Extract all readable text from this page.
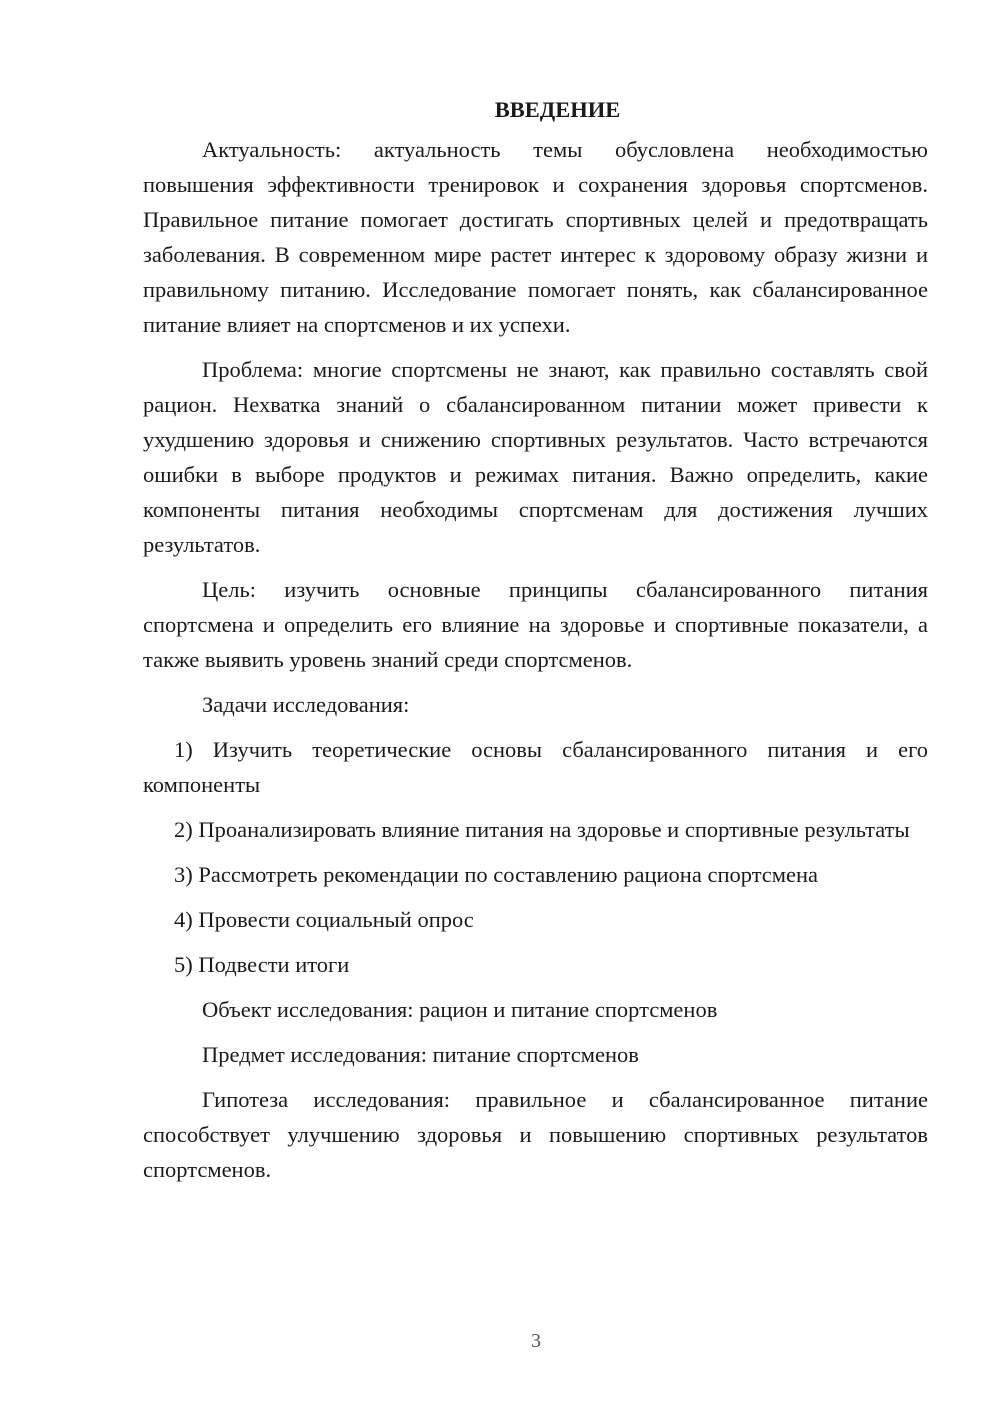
ВВЕДЕНИЕ

Актуальность: актуальность темы обусловлена необходимостью повышения эффективности тренировок и сохранения здоровья спортсменов. Правильное питание помогает достигать спортивных целей и предотвращать заболевания. В современном мире растет интерес к здоровому образу жизни и правильному питанию. Исследование помогает понять, как сбалансированное питание влияет на спортсменов и их успехи.

Проблема: многие спортсмены не знают, как правильно составлять свой рацион. Нехватка знаний о сбалансированном питании может привести к ухудшению здоровья и снижению спортивных результатов. Часто встречаются ошибки в выборе продуктов и режимах питания. Важно определить, какие компоненты питания необходимы спортсменам для достижения лучших результатов.

Цель: изучить основные принципы сбалансированного питания спортсмена и определить его влияние на здоровье и спортивные показатели, а также выявить уровень знаний среди спортсменов.

Задачи исследования:

1) Изучить теоретические основы сбалансированного питания и его компоненты

2) Проанализировать влияние питания на здоровье и спортивные результаты

3) Рассмотреть рекомендации по составлению рациона спортсмена

4) Провести социальный опрос

5) Подвести итоги

Объект исследования: рацион и питание спортсменов

Предмет исследования: питание спортсменов

Гипотеза исследования: правильное и сбалансированное питание способствует улучшению здоровья и повышению спортивных результатов спортсменов.

3
